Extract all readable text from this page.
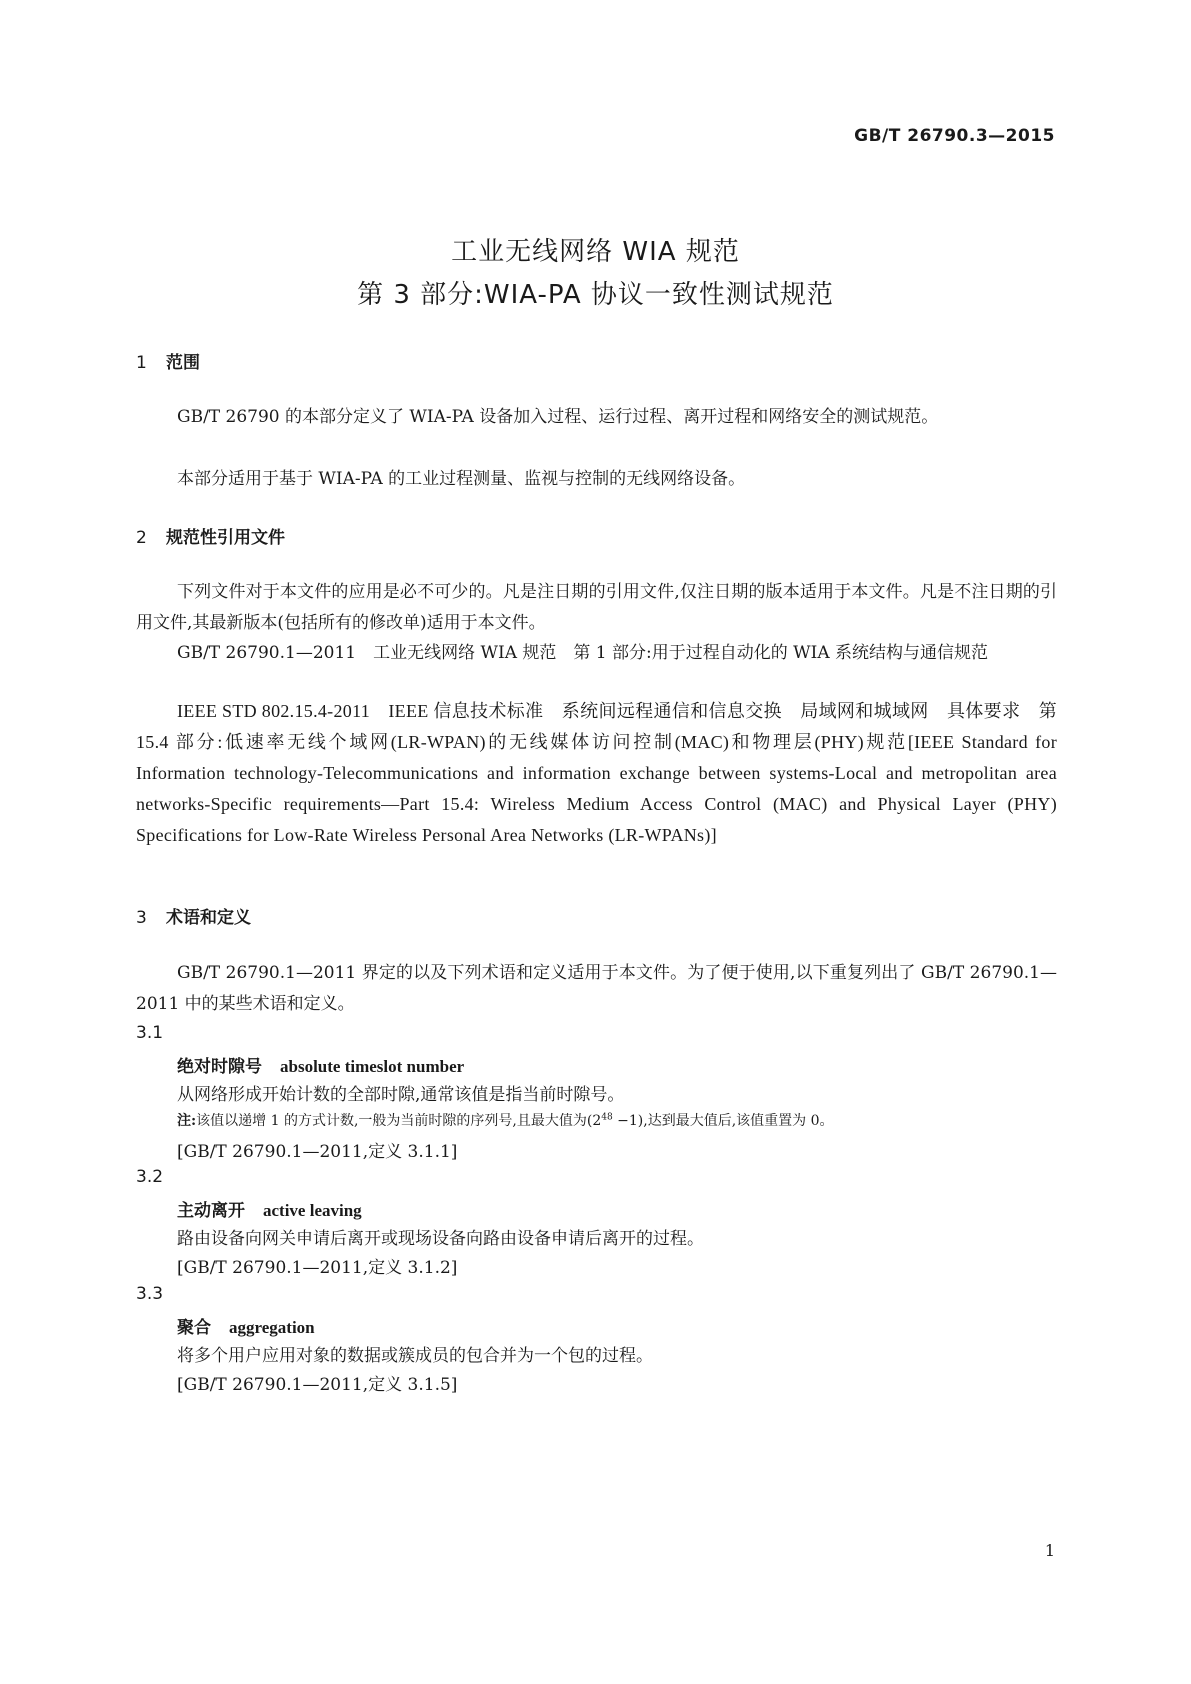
GB/T 26790.3—2015
工业无线网络 WIA 规范
第 3 部分:WIA-PA 协议一致性测试规范
1 范围
GB/T 26790 的本部分定义了 WIA-PA 设备加入过程、运行过程、离开过程和网络安全的测试规范。
本部分适用于基于 WIA-PA 的工业过程测量、监视与控制的无线网络设备。
2 规范性引用文件
下列文件对于本文件的应用是必不可少的。凡是注日期的引用文件,仅注日期的版本适用于本文件。凡是不注日期的引用文件,其最新版本(包括所有的修改单)适用于本文件。
GB/T 26790.1—2011　工业无线网络 WIA 规范　第 1 部分:用于过程自动化的 WIA 系统结构与通信规范
IEEE STD 802.15.4-2011　IEEE 信息技术标准　系统间远程通信和信息交换　局域网和城域网　具体要求　第 15.4 部分:低速率无线个域网(LR-WPAN)的无线媒体访问控制(MAC)和物理层(PHY)规范[IEEE Standard for Information technology-Telecommunications and information exchange between systems-Local and metropolitan area networks-Specific requirements—Part 15.4: Wireless Medium Access Control (MAC) and Physical Layer (PHY) Specifications for Low-Rate Wireless Personal Area Networks (LR-WPANs)]
3 术语和定义
GB/T 26790.1—2011 界定的以及下列术语和定义适用于本文件。为了便于使用,以下重复列出了 GB/T 26790.1—2011 中的某些术语和定义。
3.1
绝对时隙号 absolute timeslot number
从网络形成开始计数的全部时隙,通常该值是指当前时隙号。
注:该值以递增 1 的方式计数,一般为当前时隙的序列号,且最大值为$(2^{48} -1)$,达到最大值后,该值重置为 0。
[GB/T 26790.1—2011,定义 3.1.1]
3.2
主动离开 active leaving
路由设备向网关申请后离开或现场设备向路由设备申请后离开的过程。
[GB/T 26790.1—2011,定义 3.1.2]
3.3
聚合 aggregation
将多个用户应用对象的数据或簇成员的包合并为一个包的过程。
[GB/T 26790.1—2011,定义 3.1.5]
1
